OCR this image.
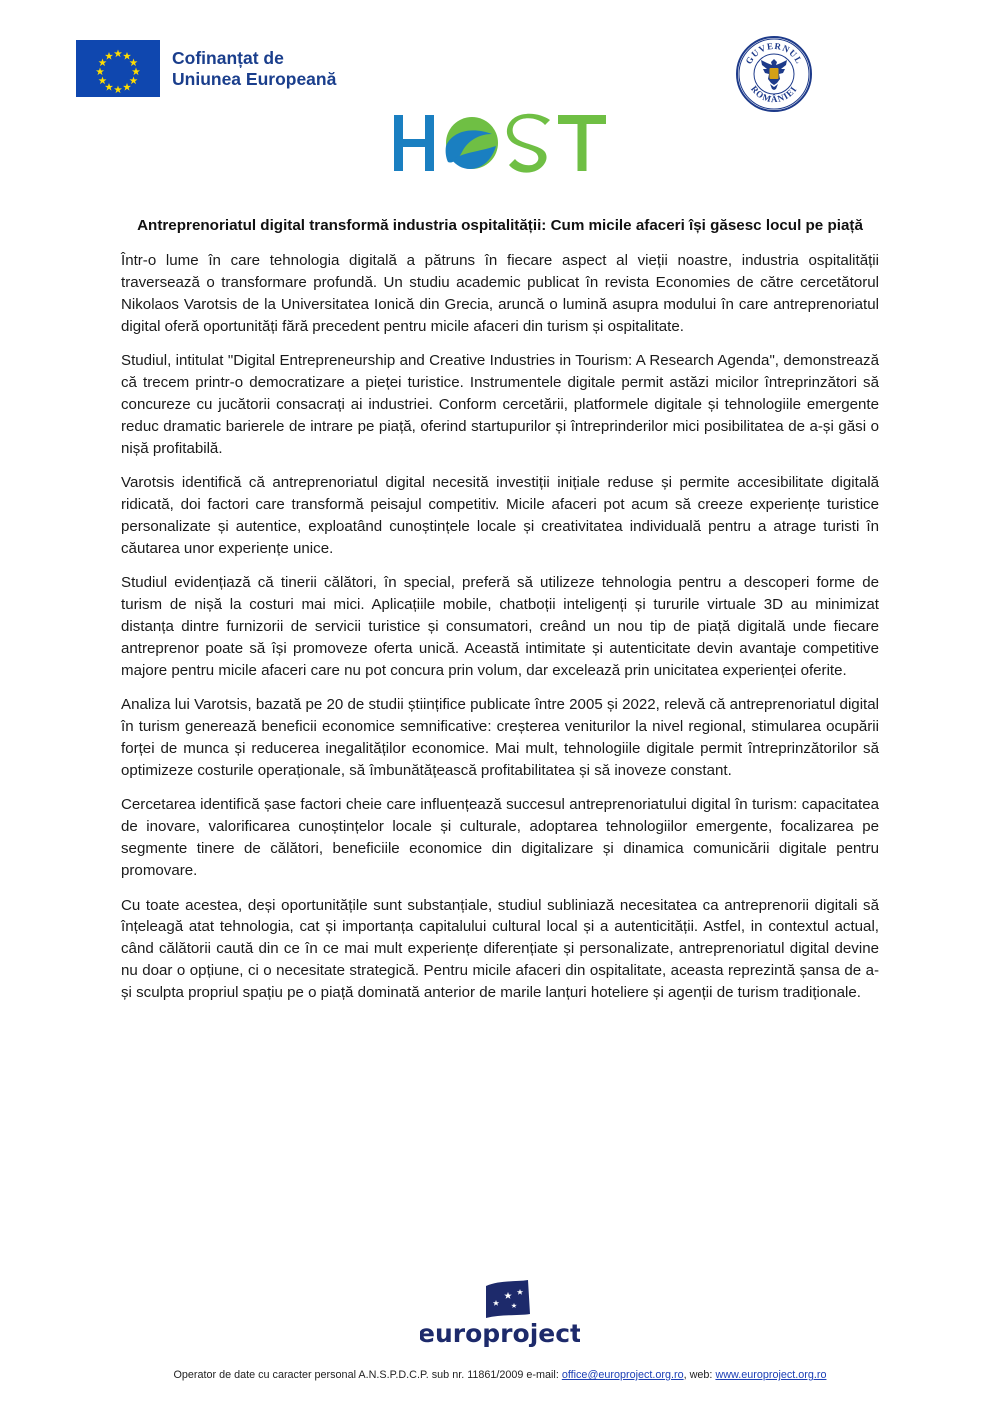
Cofinanțat de
Uniunea Europeană
GUVERNUL
ROMÂNIEI
Antreprenoriatul digital transformă industria ospitalității: Cum micile afaceri își găsesc locul pe piață

Într-o lume în care tehnologia digitală a pătruns în fiecare aspect al vieții noastre, industria ospitalității traversează o transformare profundă. Un studiu academic publicat în revista Economies de către cercetătorul Nikolaos Varotsis de la Universitatea Ionică din Grecia, aruncă o lumină asupra modului în care antreprenoriatul digital oferă oportunități fără precedent pentru micile afaceri din turism și ospitalitate.

Studiul, intitulat "Digital Entrepreneurship and Creative Industries in Tourism: A Research Agenda", demonstrează că trecem printr-o democratizare a pieței turistice. Instrumentele digitale permit astăzi micilor întreprinzători să concureze cu jucătorii consacrați ai industriei. Conform cercetării, platformele digitale și tehnologiile emergente reduc dramatic barierele de intrare pe piață, oferind startupurilor și întreprinderilor mici posibilitatea de a-și găsi o nișă profitabilă.

Varotsis identifică că antreprenoriatul digital necesită investiții inițiale reduse și permite accesibilitate digitală ridicată, doi factori care transformă peisajul competitiv. Micile afaceri pot acum să creeze experiențe turistice personalizate și autentice, exploatând cunoștințele locale și creativitatea individuală pentru a atrage turisti în căutarea unor experiențe unice.

Studiul evidențiază că tinerii călători, în special, preferă să utilizeze tehnologia pentru a descoperi forme de turism de nișă la costuri mai mici. Aplicațiile mobile, chatboții inteligenți și tururile virtuale 3D au minimizat distanța dintre furnizorii de servicii turistice și consumatori, creând un nou tip de piață digitală unde fiecare antreprenor poate să își promoveze oferta unică. Această intimitate și autenticitate devin avantaje competitive majore pentru micile afaceri care nu pot concura prin volum, dar excelează prin unicitatea experienței oferite.

Analiza lui Varotsis, bazată pe 20 de studii științifice publicate între 2005 și 2022, relevă că antreprenoriatul digital în turism generează beneficii economice semnificative: creșterea veniturilor la nivel regional, stimularea ocupării forței de munca și reducerea inegalităților economice. Mai mult, tehnologiile digitale permit întreprinzătorilor să optimizeze costurile operaționale, să îmbunătățească profitabilitatea și să inoveze constant.

Cercetarea identifică șase factori cheie care influențează succesul antreprenoriatului digital în turism: capacitatea de inovare, valorificarea cunoștințelor locale și culturale, adoptarea tehnologiilor emergente, focalizarea pe segmente tinere de călători, beneficiile economice din digitalizare și dinamica comunicării digitale pentru promovare.

Cu toate acestea, deși oportunitățile sunt substanțiale, studiul subliniază necesitatea ca antreprenorii digitali să înțeleagă atat tehnologia, cat și importanța capitalului cultural local și a autenticității. Astfel, in contextul actual, când călătorii caută din ce în ce mai mult experiențe diferențiate și personalizate, antreprenoriatul digital devine nu doar o opțiune, ci o necesitate strategică. Pentru micile afaceri din ospitalitate, aceasta reprezintă șansa de a-și sculpta propriul spațiu pe o piață dominată anterior de marile lanțuri hoteliere și agenții de turism tradiționale.

europroject
Operator de date cu caracter personal A.N.S.P.D.C.P. sub nr. 11861/2009 e-mail: office@europroject.org.ro, web: www.europroject.org.ro
